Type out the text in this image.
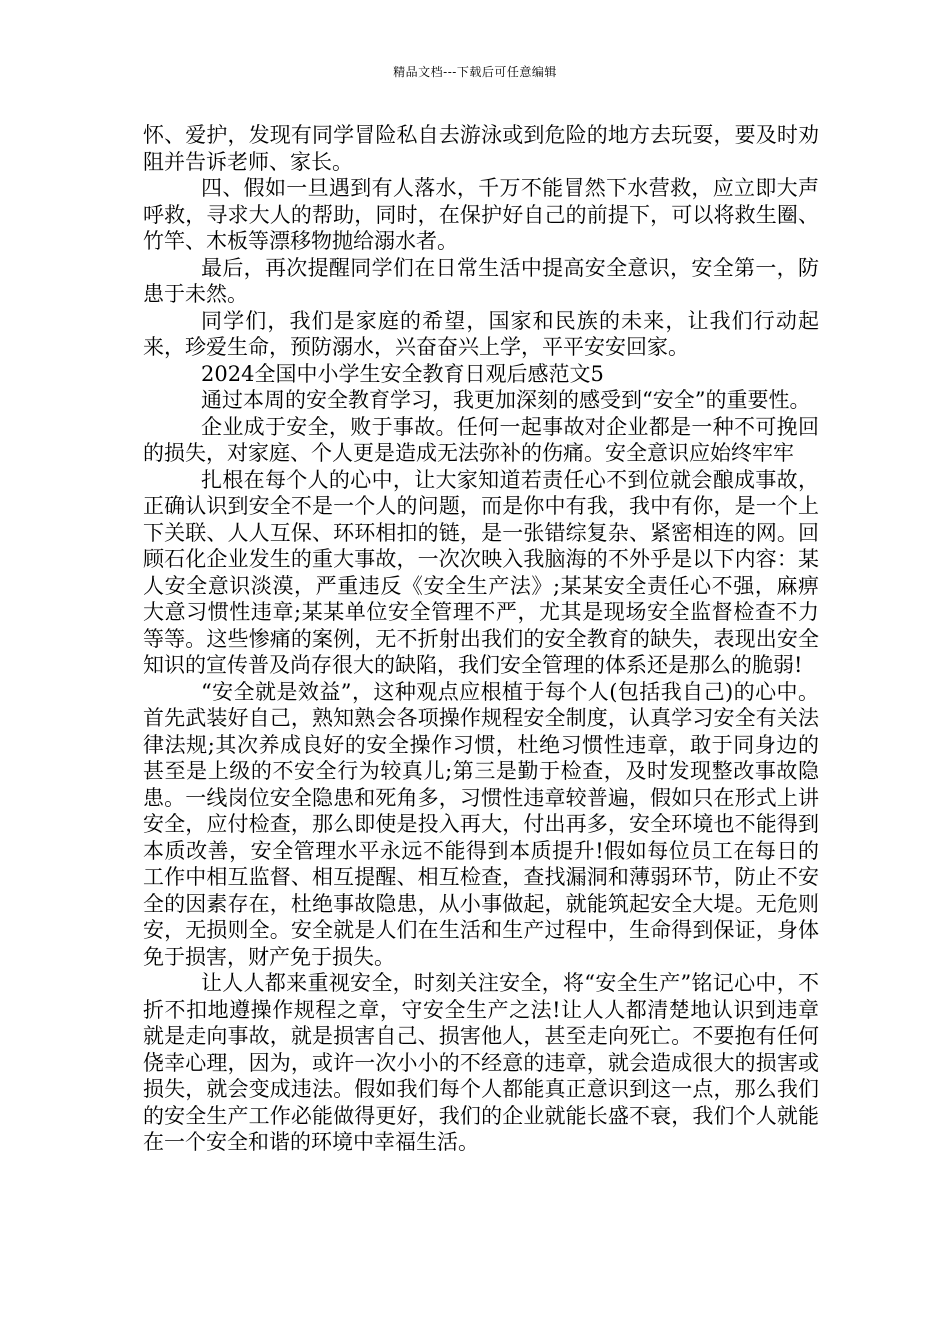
精品文档---下载后可任意编辑

怀、爱护，发现有同学冒险私自去游泳或到危险的地方去玩耍，要及时劝阻并告诉老师、家长。

四、假如一旦遇到有人落水，千万不能冒然下水营救，应立即大声呼救，寻求大人的帮助，同时，在保护好自己的前提下，可以将救生圈、竹竿、木板等漂移物抛给溺水者。

最后，再次提醒同学们在日常生活中提高安全意识，安全第一，防患于未然。

同学们，我们是家庭的希望，国家和民族的未来，让我们行动起来，珍爱生命，预防溺水，兴奋奋兴上学，平平安安回家。

2024全国中小学生安全教育日观后感范文5

通过本周的安全教育学习，我更加深刻的感受到“安全”的重要性。

企业成于安全，败于事故。任何一起事故对企业都是一种不可挽回的损失，对家庭、个人更是造成无法弥补的伤痛。安全意识应始终牢牢

扎根在每个人的心中，让大家知道若责任心不到位就会酿成事故，正确认识到安全不是一个人的问题，而是你中有我，我中有你，是一个上下关联、人人互保、环环相扣的链，是一张错综复杂、紧密相连的网。回顾石化企业发生的重大事故，一次次映入我脑海的不外乎是以下内容：某人安全意识淡漠，严重违反《安全生产法》;某某安全责任心不强，麻痹大意习惯性违章;某某单位安全管理不严，尤其是现场安全监督检查不力等等。这些惨痛的案例，无不折射出我们的安全教育的缺失，表现出安全知识的宣传普及尚存很大的缺陷，我们安全管理的体系还是那么的脆弱!

“安全就是效益”，这种观点应根植于每个人(包括我自己)的心中。首先武装好自己，熟知熟会各项操作规程安全制度，认真学习安全有关法律法规;其次养成良好的安全操作习惯，杜绝习惯性违章，敢于同身边的甚至是上级的不安全行为较真儿;第三是勤于检查，及时发现整改事故隐患。一线岗位安全隐患和死角多，习惯性违章较普遍，假如只在形式上讲安全，应付检查，那么即使是投入再大，付出再多，安全环境也不能得到本质改善，安全管理水平永远不能得到本质提升!假如每位员工在每日的工作中相互监督、相互提醒、相互检查，查找漏洞和薄弱环节，防止不安全的因素存在，杜绝事故隐患，从小事做起，就能筑起安全大堤。无危则安，无损则全。安全就是人们在生活和生产过程中，生命得到保证，身体免于损害，财产免于损失。

让人人都来重视安全，时刻关注安全，将“安全生产”铭记心中，不折不扣地遵操作规程之章，守安全生产之法!让人人都清楚地认识到违章就是走向事故，就是损害自己、损害他人，甚至走向死亡。不要抱有任何侥幸心理，因为，或许一次小小的不经意的违章，就会造成很大的损害或损失，就会变成违法。假如我们每个人都能真正意识到这一点，那么我们的安全生产工作必能做得更好，我们的企业就能长盛不衰，我们个人就能在一个安全和谐的环境中幸福生活。
